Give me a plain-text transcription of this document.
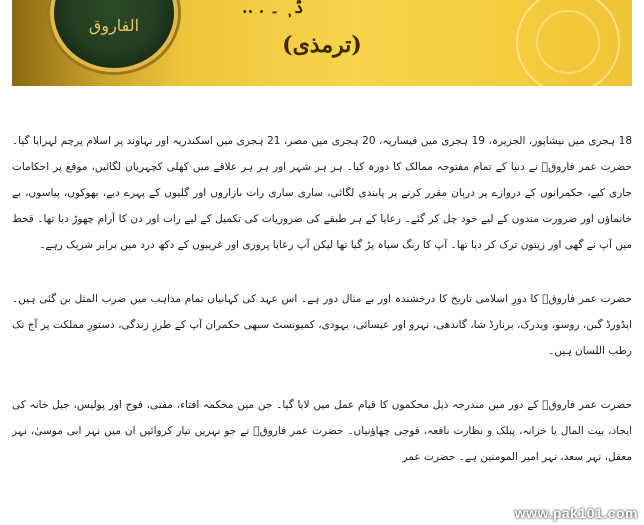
الفاروق
ڈ ٖ ۔ . ..
(ترمذی)

18 ہجری میں نیشاپور، الجزیرہ، 19 ہجری میں قیساریہ، 20 ہجری میں مصر، 21 ہجری میں اسکندریہ اور نہاوند پر اسلام پرچم لہرایا گیا۔ حضرت عمر فاروقؓ نے دنیا کے تمام مفتوحہ ممالک کا دورہ کیا۔ ہر ہر شہر اور ہر ہر علاقے میں کھلی کچہریاں لگائیں، موقع پر احکامات جاری کیے، حکمرانوں کے دروازے پر دربان مقرر کرنے پر پابندی لگائی، ساری ساری رات بازاروں اور گلیوں کے پہرے دیے، بھوکوں، پیاسوں، بے خانماؤں اور ضرورت مندوں کے لیے خود چل کر گئے۔ رعایا کے ہر طبقے کی ضروریات کی تکمیل کے لیے رات اور دن کا آرام چھوڑ دیا تھا۔ قحط میں آپ نے گھی اور زیتون ترک کر دیا تھا۔ آپ کا رنگ سیاہ پڑ گیا تھا لیکن آپ رعایا پروری اور غریبوں کے دکھ درد میں برابر شریک رہے۔

حضرت عمر فاروقؓ کا دورِ اسلامی تاریخ کا درخشندہ اور بے مثال دور ہے۔ اس عہد کی کہانیاں تمام مذاہب میں ضرب المثل بن گئی ہیں۔ ایڈورڈ گبن، روسو، ویدرک، برنارڈ شا، گاندھی، نہرو اور عیسائی، یہودی، کمیونسٹ سبھی حکمران آپ کے طرزِ زندگی، دستورِ مملکت پر آج تک رطب اللسان ہیں۔

حضرت عمر فاروقؓ کے دور میں مندرجہ ذیل محکموں کا قیام عمل میں لایا گیا۔ جن میں محکمہ افتاء، مفتی، فوج اور پولیس، جیل خانہ کی ایجاد، بیت المال یا خزانہ، پبلک و نظارت نافعہ، فوجی چھاؤنیاں۔ حضرت عمر فاروقؓ نے جو نہریں تیار کروائیں ان میں نہر ابی موسیٰ، نہر معقل، نہر سعد، نہر امیر المومنین ہے۔ حضرت عمر

www.pak101.com
